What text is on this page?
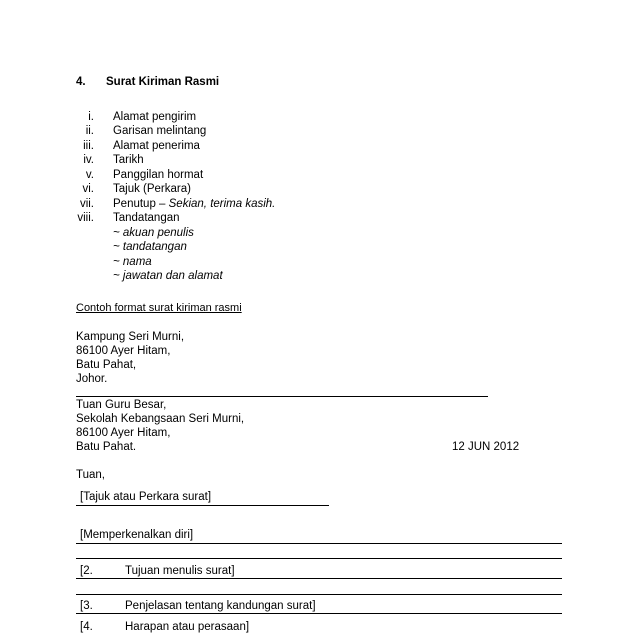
4. Surat Kiriman Rasmi
i. Alamat pengirim
ii. Garisan melintang
iii. Alamat penerima
iv. Tarikh
v. Panggilan hormat
vi. Tajuk (Perkara)
vii. Penutup – Sekian, terima kasih.
viii. Tandatangan
~ akuan penulis
~ tandatangan
~ nama
~ jawatan dan alamat
Contoh format surat kiriman rasmi
Kampung Seri Murni,
86100 Ayer Hitam,
Batu Pahat,
Johor.
Tuan Guru Besar,
Sekolah Kebangsaan Seri Murni,
86100 Ayer Hitam,
Batu Pahat.	12 JUN 2012
Tuan,
[Tajuk atau Perkara surat]
[Memperkenalkan diri]
[2.	Tujuan menulis surat]
[3.	Penjelasan tentang kandungan surat]
[4.	Harapan atau perasaan]
